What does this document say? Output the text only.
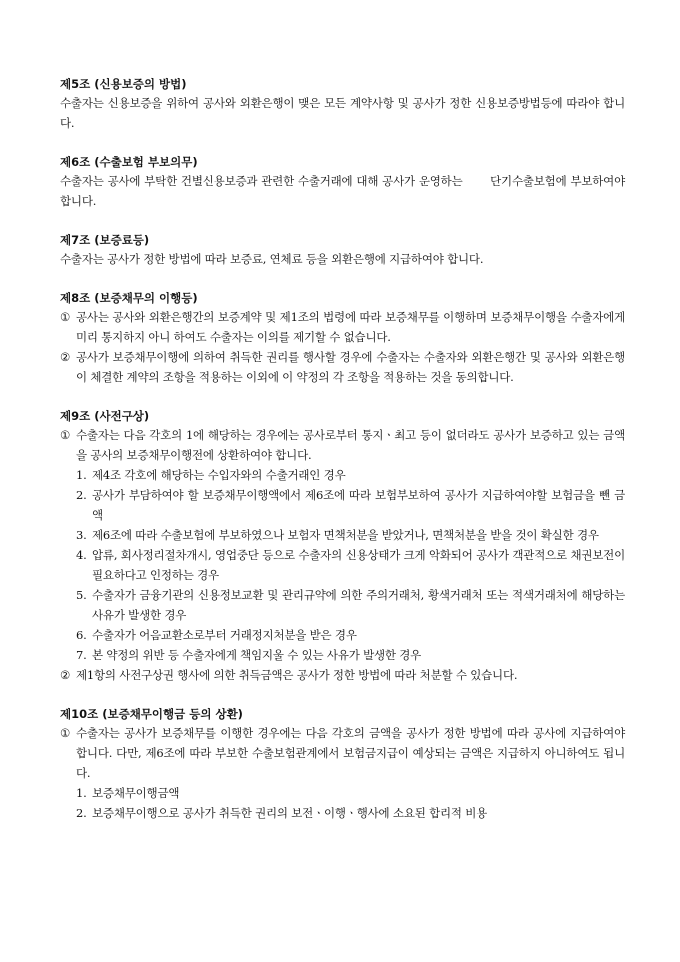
제5조 (신용보증의 방법)

수출자는 신용보증을 위하여 공사와 외환은행이 맺은 모든 계약사항 및 공사가 정한 신용보증방법등에 따라야 합니다.

제6조 (수출보험 부보의무)

수출자는 공사에 부탁한 건별신용보증과 관련한 수출거래에 대해 공사가 운영하는       단기수출보험에 부보하여야 합니다.

제7조 (보증료등)

수출자는 공사가 정한 방법에 따라 보증료, 연체료 등을 외환은행에 지급하여야 합니다.

제8조 (보증채무의 이행등)

① 공사는 공사와 외환은행간의 보증계약 및 제1조의 법령에 따라 보증채무를 이행하며 보증채무이행을 수출자에게 미리 통지하지 아니 하여도 수출자는 이의를 제기할 수 없습니다.
② 공사가 보증채무이행에 의하여 취득한 권리를 행사할 경우에 수출자는 수출자와 외환은행간 및 공사와 외환은행이 체결한 계약의 조항을 적용하는 이외에 이 약정의 각 조항을 적용하는 것을 동의합니다.

제9조 (사전구상)

① 수출자는 다음 각호의 1에 해당하는 경우에는 공사로부터 통지ㆍ최고 등이 없더라도 공사가 보증하고 있는 금액을 공사의 보증채무이행전에 상환하여야 합니다.
1. 제4조 각호에 해당하는 수입자와의 수출거래인 경우
2. 공사가 부담하여야 할 보증채무이행액에서 제6조에 따라 보험부보하여 공사가 지급하여야할 보험금을 뺀 금액
3. 제6조에 따라 수출보험에 부보하였으나 보험자 면책처분을 받았거나, 면책처분을 받을 것이 확실한 경우
4. 압류, 회사정리절차개시, 영업중단 등으로 수출자의 신용상태가 크게 악화되어 공사가 객관적으로 채권보전이 필요하다고 인정하는 경우
5. 수출자가 금융기관의 신용정보교환 및 관리규약에 의한 주의거래처, 황색거래처 또는 적색거래처에 해당하는 사유가 발생한 경우
6. 수출자가 어음교환소로부터 거래정지처분을 받은 경우
7. 본 약정의 위반 등 수출자에게 책임지울 수 있는 사유가 발생한 경우
② 제1항의 사전구상권 행사에 의한 취득금액은 공사가 정한 방법에 따라 처분할 수 있습니다.

제10조 (보증채무이행금 등의 상환)

① 수출자는 공사가 보증채무를 이행한 경우에는 다음 각호의 금액을 공사가 정한 방법에 따라 공사에 지급하여야 합니다. 다만, 제6조에 따라 부보한 수출보험관계에서 보험금지급이 예상되는 금액은 지급하지 아니하여도 됩니다.
1. 보증채무이행금액
2. 보증채무이행으로 공사가 취득한 권리의 보전ㆍ이행ㆍ행사에 소요된 합리적 비용
